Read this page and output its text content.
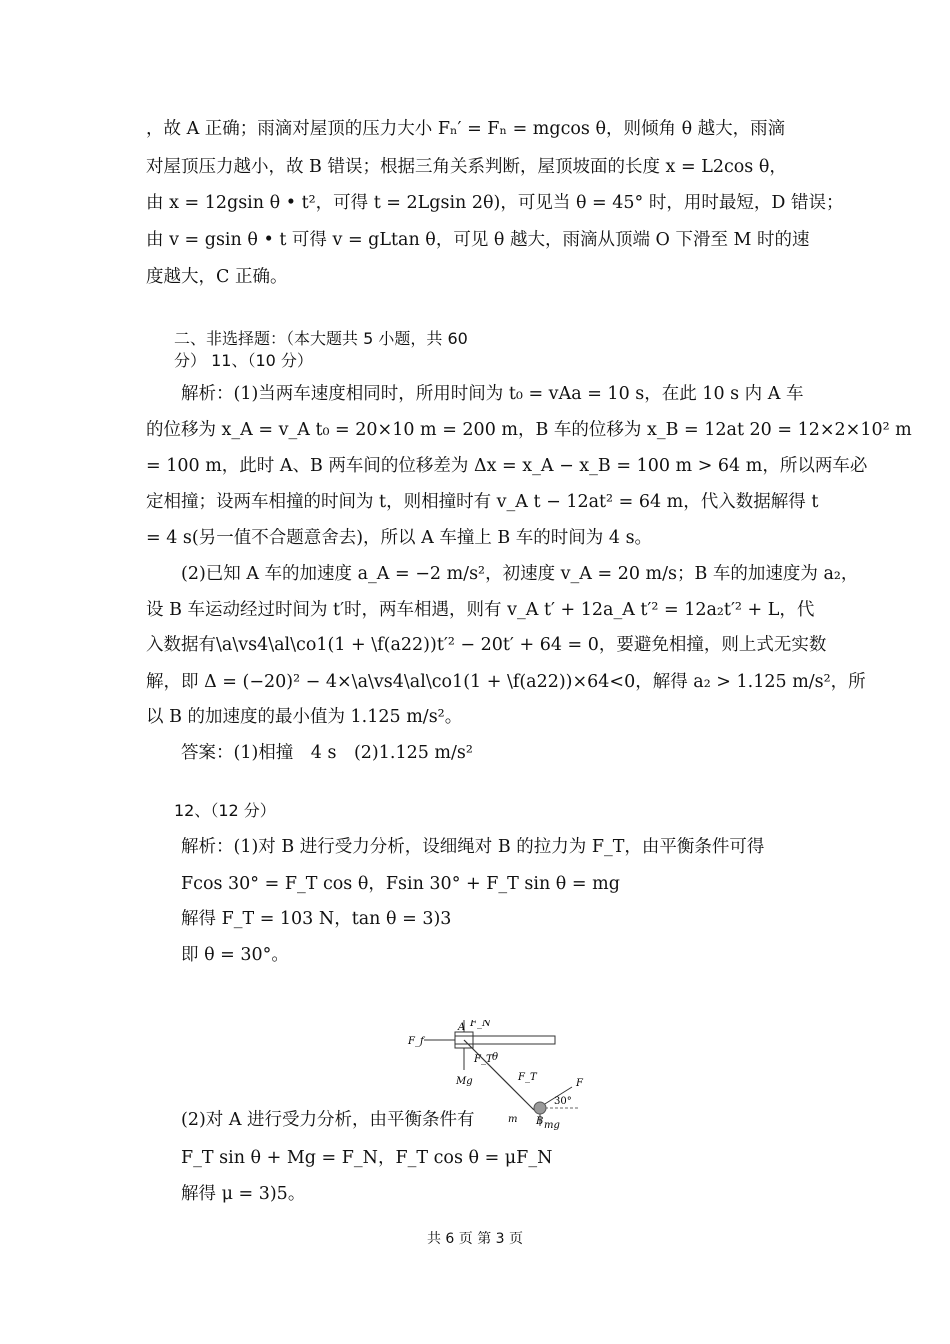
，故 A 正确；雨滴对屋顶的压力大小 Fₙ′ = Fₙ = mgcos θ，则倾角 θ 越大，雨滴
对屋顶压力越小，故 B 错误；根据三角关系判断，屋顶坡面的长度 x = L2cos θ，
由 x = 12gsin θ • t²，可得 t = 2Lgsin 2θ)，可见当 θ = 45° 时，用时最短，D 错误；
由 v = gsin θ • t 可得 v = gLtan θ，可见 θ 越大，雨滴从顶端 O 下滑至 M 时的速
度越大，C 正确。
二、非选择题：（本大题共 5 小题，共 60
分） 11、（10 分）
解析：(1)当两车速度相同时，所用时间为 t₀ = vAa = 10 s，在此 10 s 内 A 车
的位移为 x_A = v_A t₀ = 20×10 m = 200 m，B 车的位移为 x_B = 12at 20 = 12×2×10² m
= 100 m，此时 A、B 两车间的位移差为 Δx = x_A − x_B = 100 m > 64 m，所以两车必
定相撞；设两车相撞的时间为 t，则相撞时有 v_A t − 12at² = 64 m，代入数据解得 t
= 4 s(另一值不合题意舍去)，所以 A 车撞上 B 车的时间为 4 s。
(2)已知 A 车的加速度 a_A = −2 m/s²，初速度 v_A = 20 m/s；B 车的加速度为 a₂，
设 B 车运动经过时间为 t′时，两车相遇，则有 v_A t′ + 12a_A t′² = 12a₂t′² + L，代
入数据有\a\vs4\al\co1(1 + \f(a22))t′² − 20t′ + 64 = 0，要避免相撞，则上式无实数
解，即 Δ = (−20)² − 4×\a\vs4\al\co1(1 + \f(a22))×64<0，解得 a₂ > 1.125 m/s²，所
以 B 的加速度的最小值为 1.125 m/s²。
答案：(1)相撞　4 s　(2)1.125 m/s²
12、（12 分）
解析：(1)对 B 进行受力分析，设细绳对 B 的拉力为 F_T，由平衡条件可得
Fcos 30° = F_T cos θ，Fsin 30° + F_T sin θ = mg
解得 F_T = 103 N，tan θ = 3)3
即 θ = 30°。
F_N
A
F_f
θ
F_T
F_T
F
30°
Mg
m B mg
(2)对 A 进行受力分析，由平衡条件有
F_T sin θ + Mg = F_N，F_T cos θ = μF_N
解得 μ = 3)5。
共 6 页 第 3 页
